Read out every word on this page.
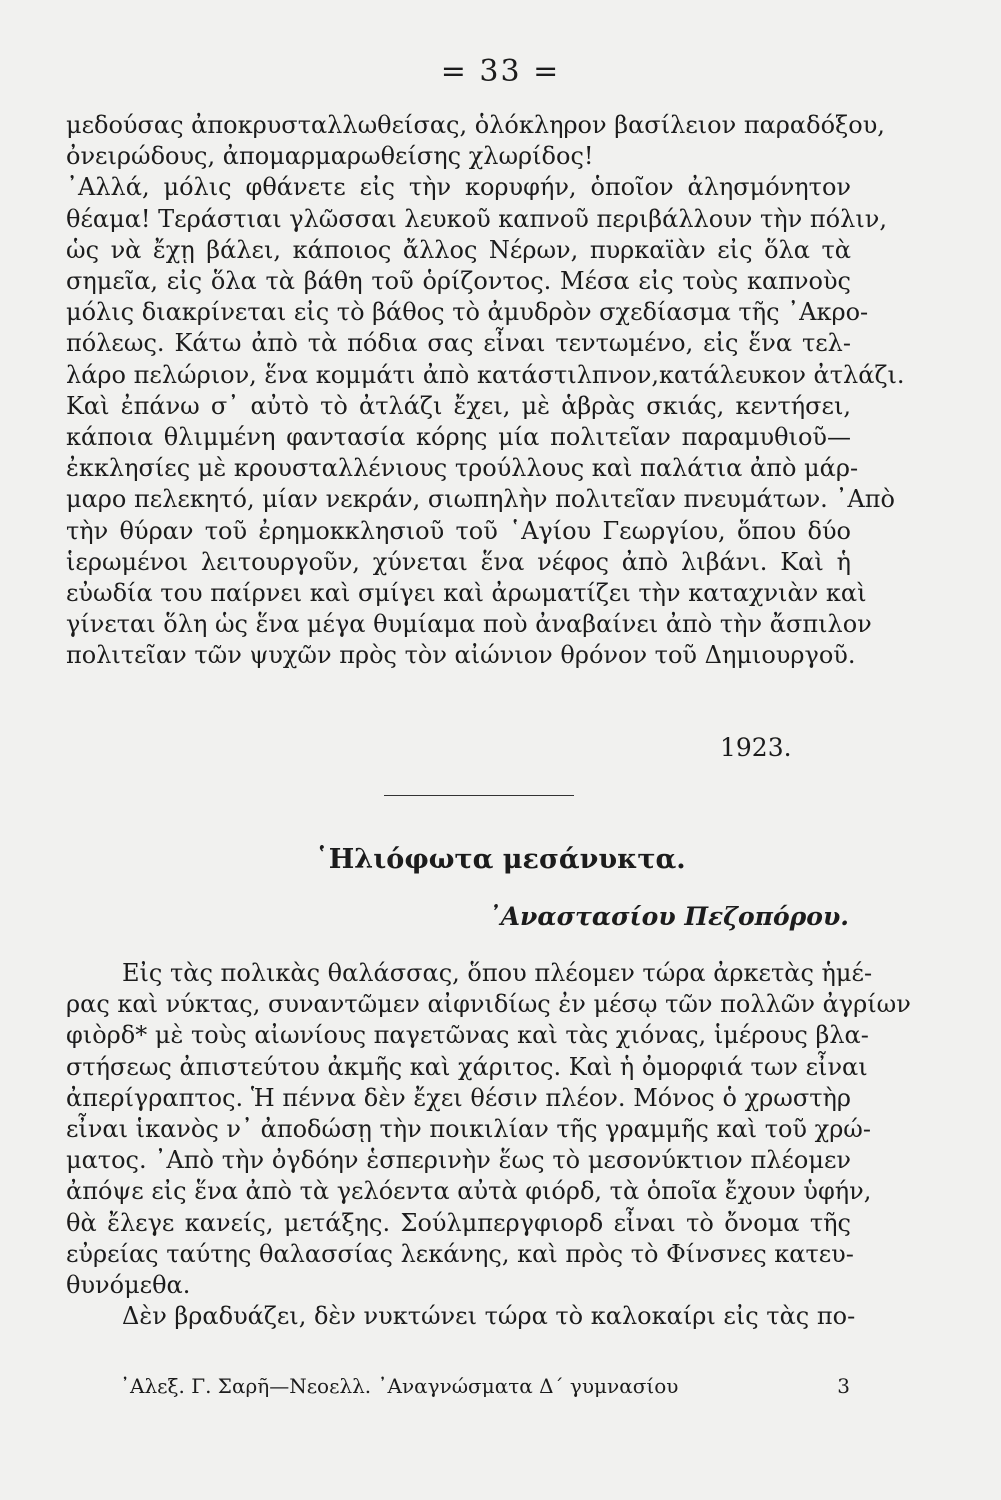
= 33 =
μεδούσας ἀποκρυσταλλωθείσας, ὁλόκληρον βασίλειον παραδόξου,
ὀνειρώδους, ἀπομαρμαρωθείσης χλωρίδος!
᾿Αλλά, μόλις φθάνετε εἰς τὴν κορυφήν, ὁποῖον ἀλησμόνητον
θέαμα! Τεράστιαι γλῶσσαι λευκοῦ καπνοῦ περιβάλλουν τὴν πόλιν,
ὡς νὰ ἔχῃ βάλει, κάποιος ἄλλος Νέρων, πυρκαϊὰν εἰς ὅλα τὰ
σημεῖα, εἰς ὅλα τὰ βάθη τοῦ ὁρίζοντος. Μέσα εἰς τοὺς καπνοὺς
μόλις διακρίνεται εἰς τὸ βάθος τὸ ἀμυδρὸν σχεδίασμα τῆς ᾿Ακρο-
πόλεως. Κάτω ἀπὸ τὰ πόδια σας εἶναι τεντωμένο, εἰς ἕνα τελ-
λάρο πελώριον, ἕνα κομμάτι ἀπὸ κατάστιλπνον,κατάλευκον ἀτλάζι.
Καὶ ἐπάνω σ᾿ αὐτὸ τὸ ἀτλάζι ἔχει, μὲ ἁβρὰς σκιάς, κεντήσει,
κάποια θλιμμένη φαντασία κόρης μία πολιτεῖαν παραμυθιοῦ—
ἐκκλησίες μὲ κρουσταλλένιους τρούλλους καὶ παλάτια ἀπὸ μάρ-
μαρο πελεκητό, μίαν νεκράν, σιωπηλὴν πολιτεῖαν πνευμάτων. ᾿Απὸ
τὴν θύραν τοῦ ἐρημοκκλησιοῦ τοῦ ῾Αγίου Γεωργίου, ὅπου δύο
ἱερωμένοι λειτουργοῦν, χύνεται ἕνα νέφος ἀπὸ λιβάνι. Καὶ ἡ
εὐωδία του παίρνει καὶ σμίγει καὶ ἀρωματίζει τὴν καταχνιὰν καὶ
γίνεται ὅλη ὡς ἕνα μέγα θυμίαμα ποὺ ἀναβαίνει ἀπὸ τὴν ἄσπιλον
πολιτεῖαν τῶν ψυχῶν πρὸς τὸν αἰώνιον θρόνον τοῦ Δημιουργοῦ.
1923.
῾Ηλιόφωτα μεσάνυκτα.
᾿Αναστασίου Πεζοπόρου.
Εἰς τὰς πολικὰς θαλάσσας, ὅπου πλέομεν τώρα ἀρκετὰς ἡμέ-
ρας καὶ νύκτας, συναντῶμεν αἰφνιδίως ἐν μέσῳ τῶν πολλῶν ἀγρίων
φιὸρδ* μὲ τοὺς αἰωνίους παγετῶνας καὶ τὰς χιόνας, ἱμέρους βλα-
στήσεως ἀπιστεύτου ἀκμῆς καὶ χάριτος. Καὶ ἡ ὀμορφιά των εἶναι
ἀπερίγραπτος. Ἡ πέννα δὲν ἔχει θέσιν πλέον. Μόνος ὁ χρωστὴρ
εἶναι ἱκανὸς ν᾿ ἀποδώσῃ τὴν ποικιλίαν τῆς γραμμῆς καὶ τοῦ χρώ-
ματος. ᾿Απὸ τὴν ὀγδόην ἑσπερινὴν ἕως τὸ μεσονύκτιον πλέομεν
ἀπόψε εἰς ἕνα ἀπὸ τὰ γελόεντα αὐτὰ φιόρδ, τὰ ὁποῖα ἔχουν ὑφήν,
θὰ ἔλεγε κανείς, μετάξης. Σούλμπεργφιορδ εἶναι τὸ ὄνομα τῆς
εὐρείας ταύτης θαλασσίας λεκάνης, καὶ πρὸς τὸ Φίνσνες κατευ-
θυνόμεθα.
Δὲν βραδυάζει, δὲν νυκτώνει τώρα τὸ καλοκαίρι εἰς τὰς πο-
᾿Αλεξ. Γ. Σαρῆ—Νεοελλ. ᾿Αναγνώσματα Δ΄ γυμνασίου	3
